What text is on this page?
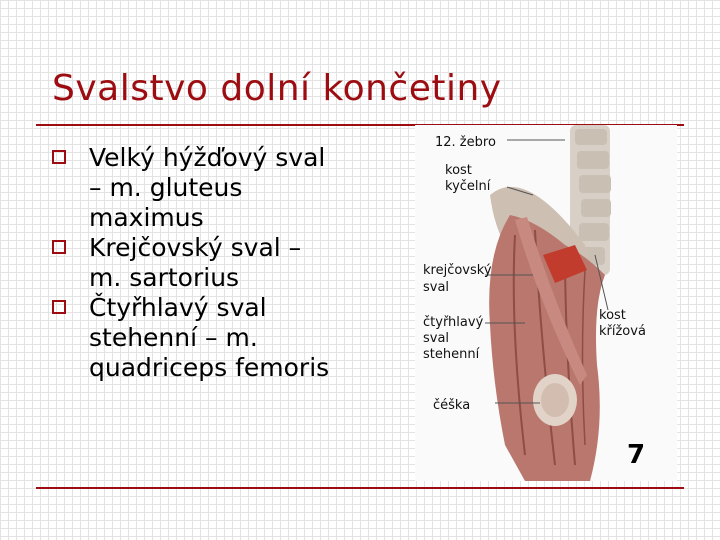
Svalstvo dolní končetiny
Velký hýžďový sval – m. gluteus maximus
Krejčovský sval – m. sartorius
Čtyřhlavý sval stehenní – m. quadriceps femoris
12. žebro
kost
kyčelní
krejčovský
sval
čtyřhlavý
sval
stehenní
kost
křížová
čéška
7
